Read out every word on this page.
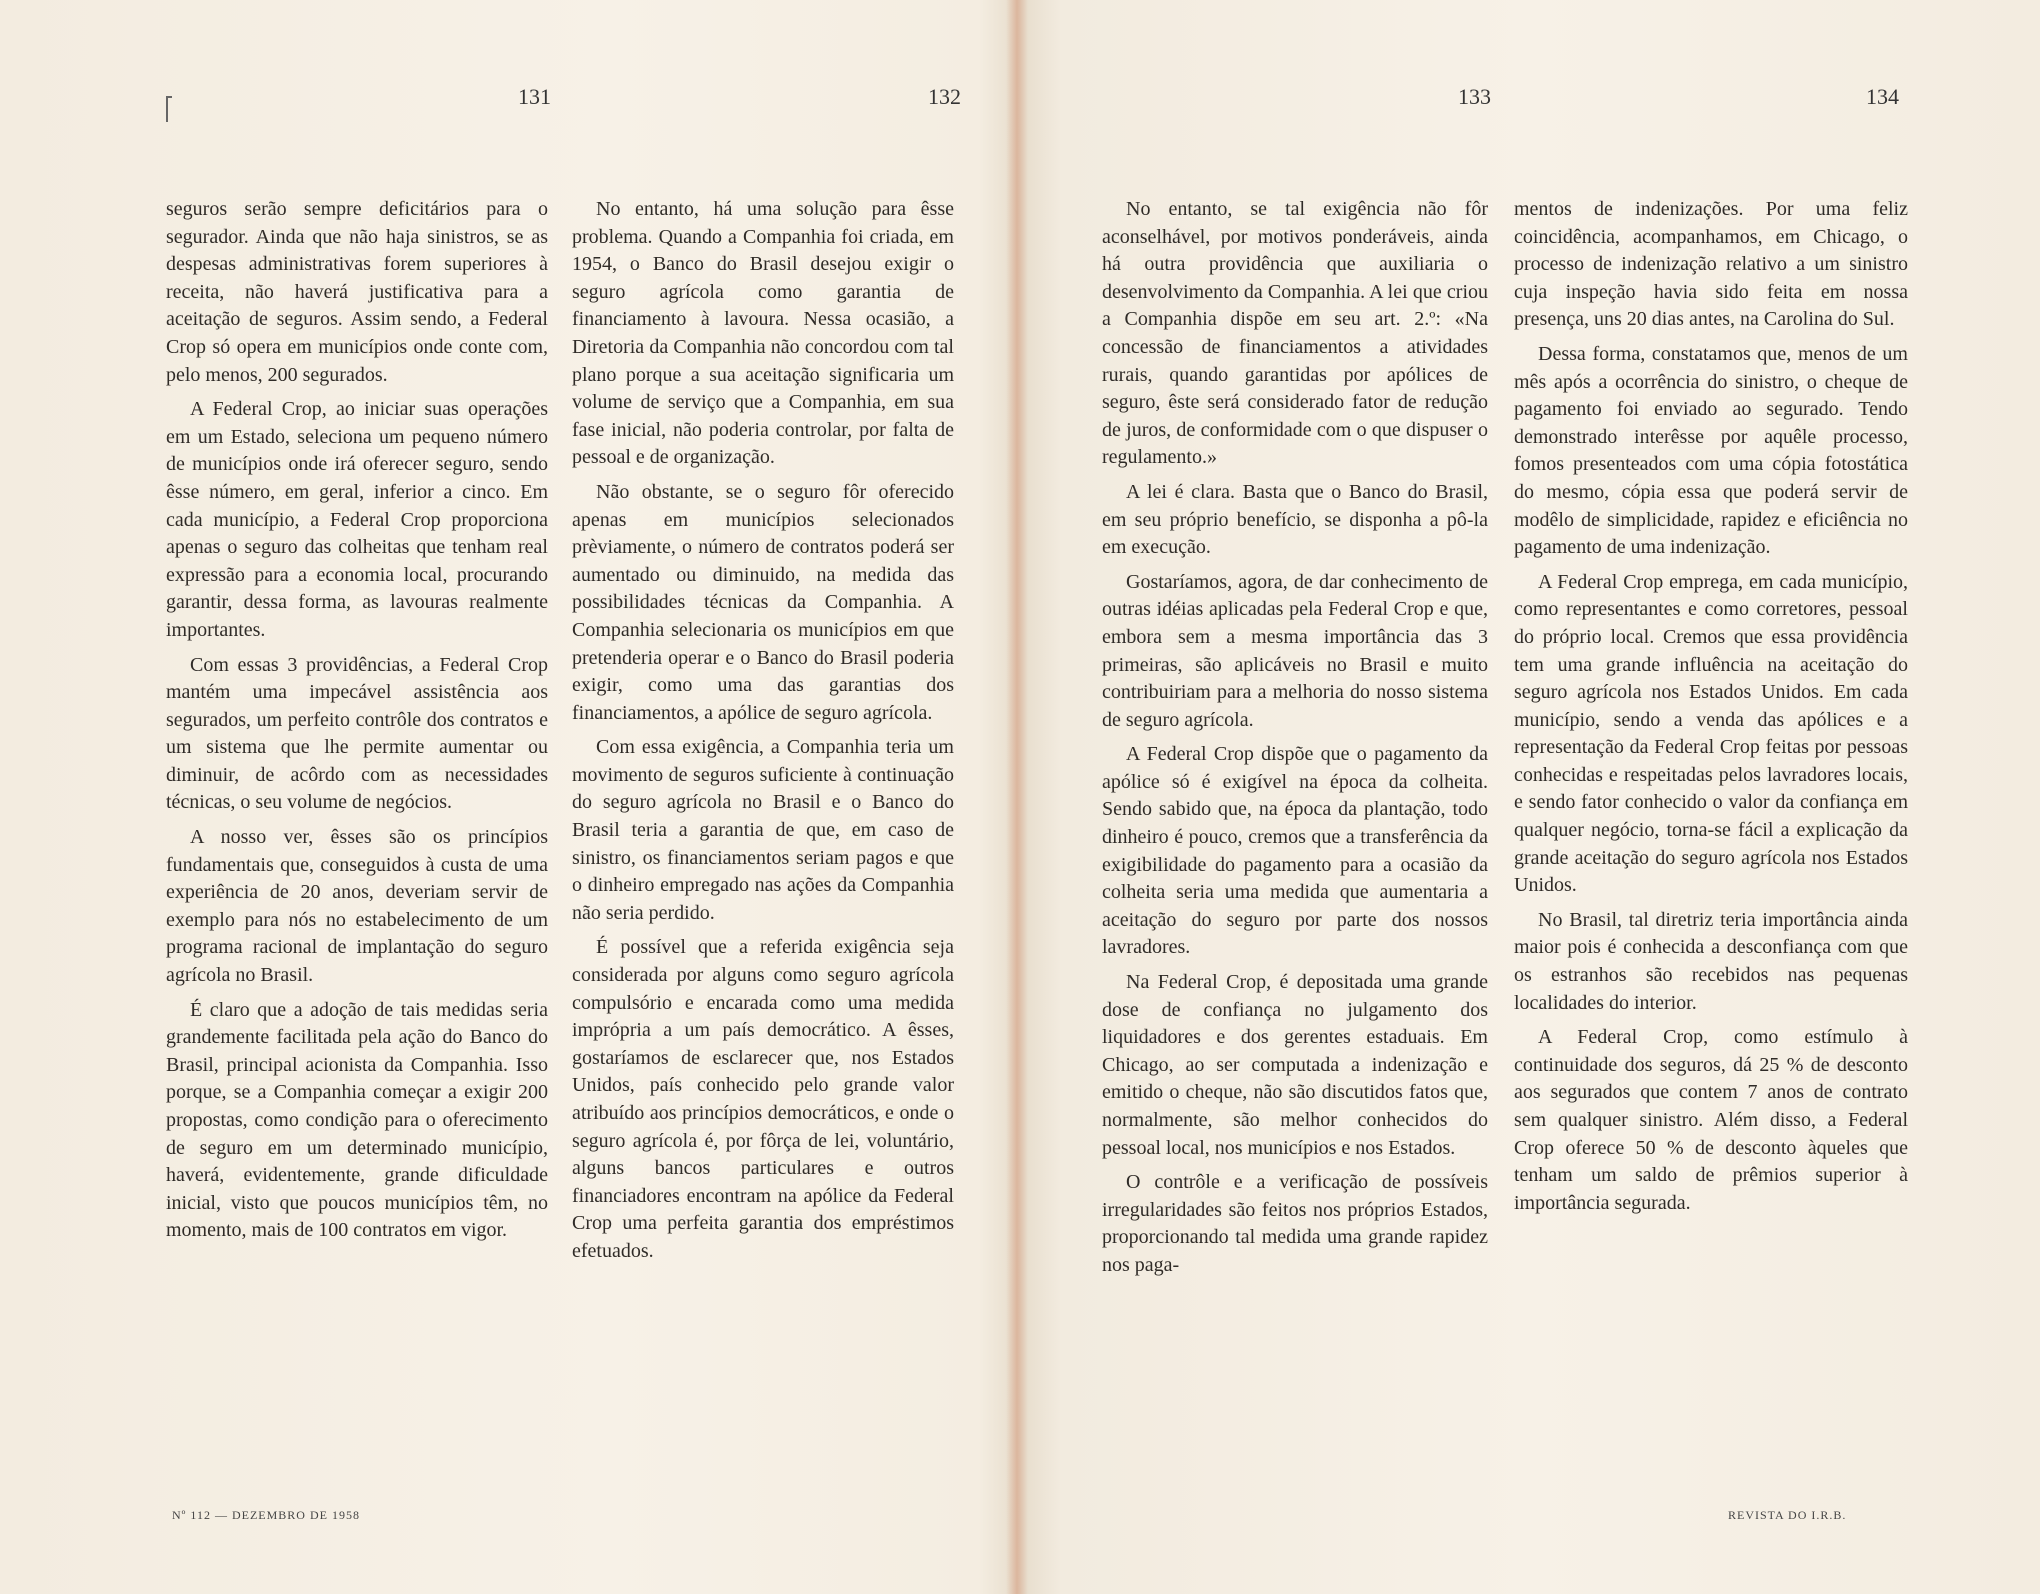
131

seguros serão sempre deficitários para o segurador. Ainda que não haja sinistros, se as despesas administrativas forem superiores à receita, não haverá justificativa para a aceitação de seguros. Assim sendo, a Federal Crop só opera em municípios onde conte com, pelo menos, 200 segurados.

A Federal Crop, ao iniciar suas operações em um Estado, seleciona um pequeno número de municípios onde irá oferecer seguro, sendo êsse número, em geral, inferior a cinco. Em cada município, a Federal Crop proporciona apenas o seguro das colheitas que tenham real expressão para a economia local, procurando garantir, dessa forma, as lavouras realmente importantes.

Com essas 3 providências, a Federal Crop mantém uma impecável assistência aos segurados, um perfeito contrôle dos contratos e um sistema que lhe permite aumentar ou diminuir, de acôrdo com as necessidades técnicas, o seu volume de negócios.

A nosso ver, êsses são os princípios fundamentais que, conseguidos à custa de uma experiência de 20 anos, deveriam servir de exemplo para nós no estabelecimento de um programa racional de implantação do seguro agrícola no Brasil.

É claro que a adoção de tais medidas seria grandemente facilitada pela ação do Banco do Brasil, principal acionista da Companhia. Isso porque, se a Companhia começar a exigir 200 propostas, como condição para o oferecimento de seguro em um determinado município, haverá, evidentemente, grande dificuldade inicial, visto que poucos municípios têm, no momento, mais de 100 contratos em vigor.

132

No entanto, há uma solução para êsse problema. Quando a Companhia foi criada, em 1954, o Banco do Brasil desejou exigir o seguro agrícola como garantia de financiamento à lavoura. Nessa ocasião, a Diretoria da Companhia não concordou com tal plano porque a sua aceitação significaria um volume de serviço que a Companhia, em sua fase inicial, não poderia controlar, por falta de pessoal e de organização.

Não obstante, se o seguro fôr oferecido apenas em municípios selecionados prèviamente, o número de contratos poderá ser aumentado ou diminuido, na medida das possibilidades técnicas da Companhia. A Companhia selecionaria os municípios em que pretenderia operar e o Banco do Brasil poderia exigir, como uma das garantias dos financiamentos, a apólice de seguro agrícola.

Com essa exigência, a Companhia teria um movimento de seguros suficiente à continuação do seguro agrícola no Brasil e o Banco do Brasil teria a garantia de que, em caso de sinistro, os financiamentos seriam pagos e que o dinheiro empregado nas ações da Companhia não seria perdido.

É possível que a referida exigência seja considerada por alguns como seguro agrícola compulsório e encarada como uma medida imprópria a um país democrático. A êsses, gostaríamos de esclarecer que, nos Estados Unidos, país conhecido pelo grande valor atribuído aos princípios democráticos, e onde o seguro agrícola é, por fôrça de lei, voluntário, alguns bancos particulares e outros financiadores encontram na apólice da Federal Crop uma perfeita garantia dos empréstimos efetuados.

133

No entanto, se tal exigência não fôr aconselhável, por motivos ponderáveis, ainda há outra providência que auxiliaria o desenvolvimento da Companhia. A lei que criou a Companhia dispõe em seu art. 2.º: «Na concessão de financiamentos a atividades rurais, quando garantidas por apólices de seguro, êste será considerado fator de redução de juros, de conformidade com o que dispuser o regulamento.»

A lei é clara. Basta que o Banco do Brasil, em seu próprio benefício, se disponha a pô-la em execução.

Gostaríamos, agora, de dar conhecimento de outras idéias aplicadas pela Federal Crop e que, embora sem a mesma importância das 3 primeiras, são aplicáveis no Brasil e muito contribuiriam para a melhoria do nosso sistema de seguro agrícola.

A Federal Crop dispõe que o pagamento da apólice só é exigível na época da colheita. Sendo sabido que, na época da plantação, todo dinheiro é pouco, cremos que a transferência da exigibilidade do pagamento para a ocasião da colheita seria uma medida que aumentaria a aceitação do seguro por parte dos nossos lavradores.

Na Federal Crop, é depositada uma grande dose de confiança no julgamento dos liquidadores e dos gerentes estaduais. Em Chicago, ao ser computada a indenização e emitido o cheque, não são discutidos fatos que, normalmente, são melhor conhecidos do pessoal local, nos municípios e nos Estados.

O contrôle e a verificação de possíveis irregularidades são feitos nos próprios Estados, proporcionando tal medida uma grande rapidez nos paga-

134

mentos de indenizações. Por uma feliz coincidência, acompanhamos, em Chicago, o processo de indenização relativo a um sinistro cuja inspeção havia sido feita em nossa presença, uns 20 dias antes, na Carolina do Sul.

Dessa forma, constatamos que, menos de um mês após a ocorrência do sinistro, o cheque de pagamento foi enviado ao segurado. Tendo demonstrado interêsse por aquêle processo, fomos presenteados com uma cópia fotostática do mesmo, cópia essa que poderá servir de modêlo de simplicidade, rapidez e eficiência no pagamento de uma indenização.

A Federal Crop emprega, em cada município, como representantes e como corretores, pessoal do próprio local. Cremos que essa providência tem uma grande influência na aceitação do seguro agrícola nos Estados Unidos. Em cada município, sendo a venda das apólices e a representação da Federal Crop feitas por pessoas conhecidas e respeitadas pelos lavradores locais, e sendo fator conhecido o valor da confiança em qualquer negócio, torna-se fácil a explicação da grande aceitação do seguro agrícola nos Estados Unidos.

No Brasil, tal diretriz teria importância ainda maior pois é conhecida a desconfiança com que os estranhos são recebidos nas pequenas localidades do interior.

A Federal Crop, como estímulo à continuidade dos seguros, dá 25 % de desconto aos segurados que contem 7 anos de contrato sem qualquer sinistro. Além disso, a Federal Crop oferece 50 % de desconto àqueles que tenham um saldo de prêmios superior à importância segurada.

Nº 112 — DEZEMBRO DE 1958	REVISTA DO I.R.B.
